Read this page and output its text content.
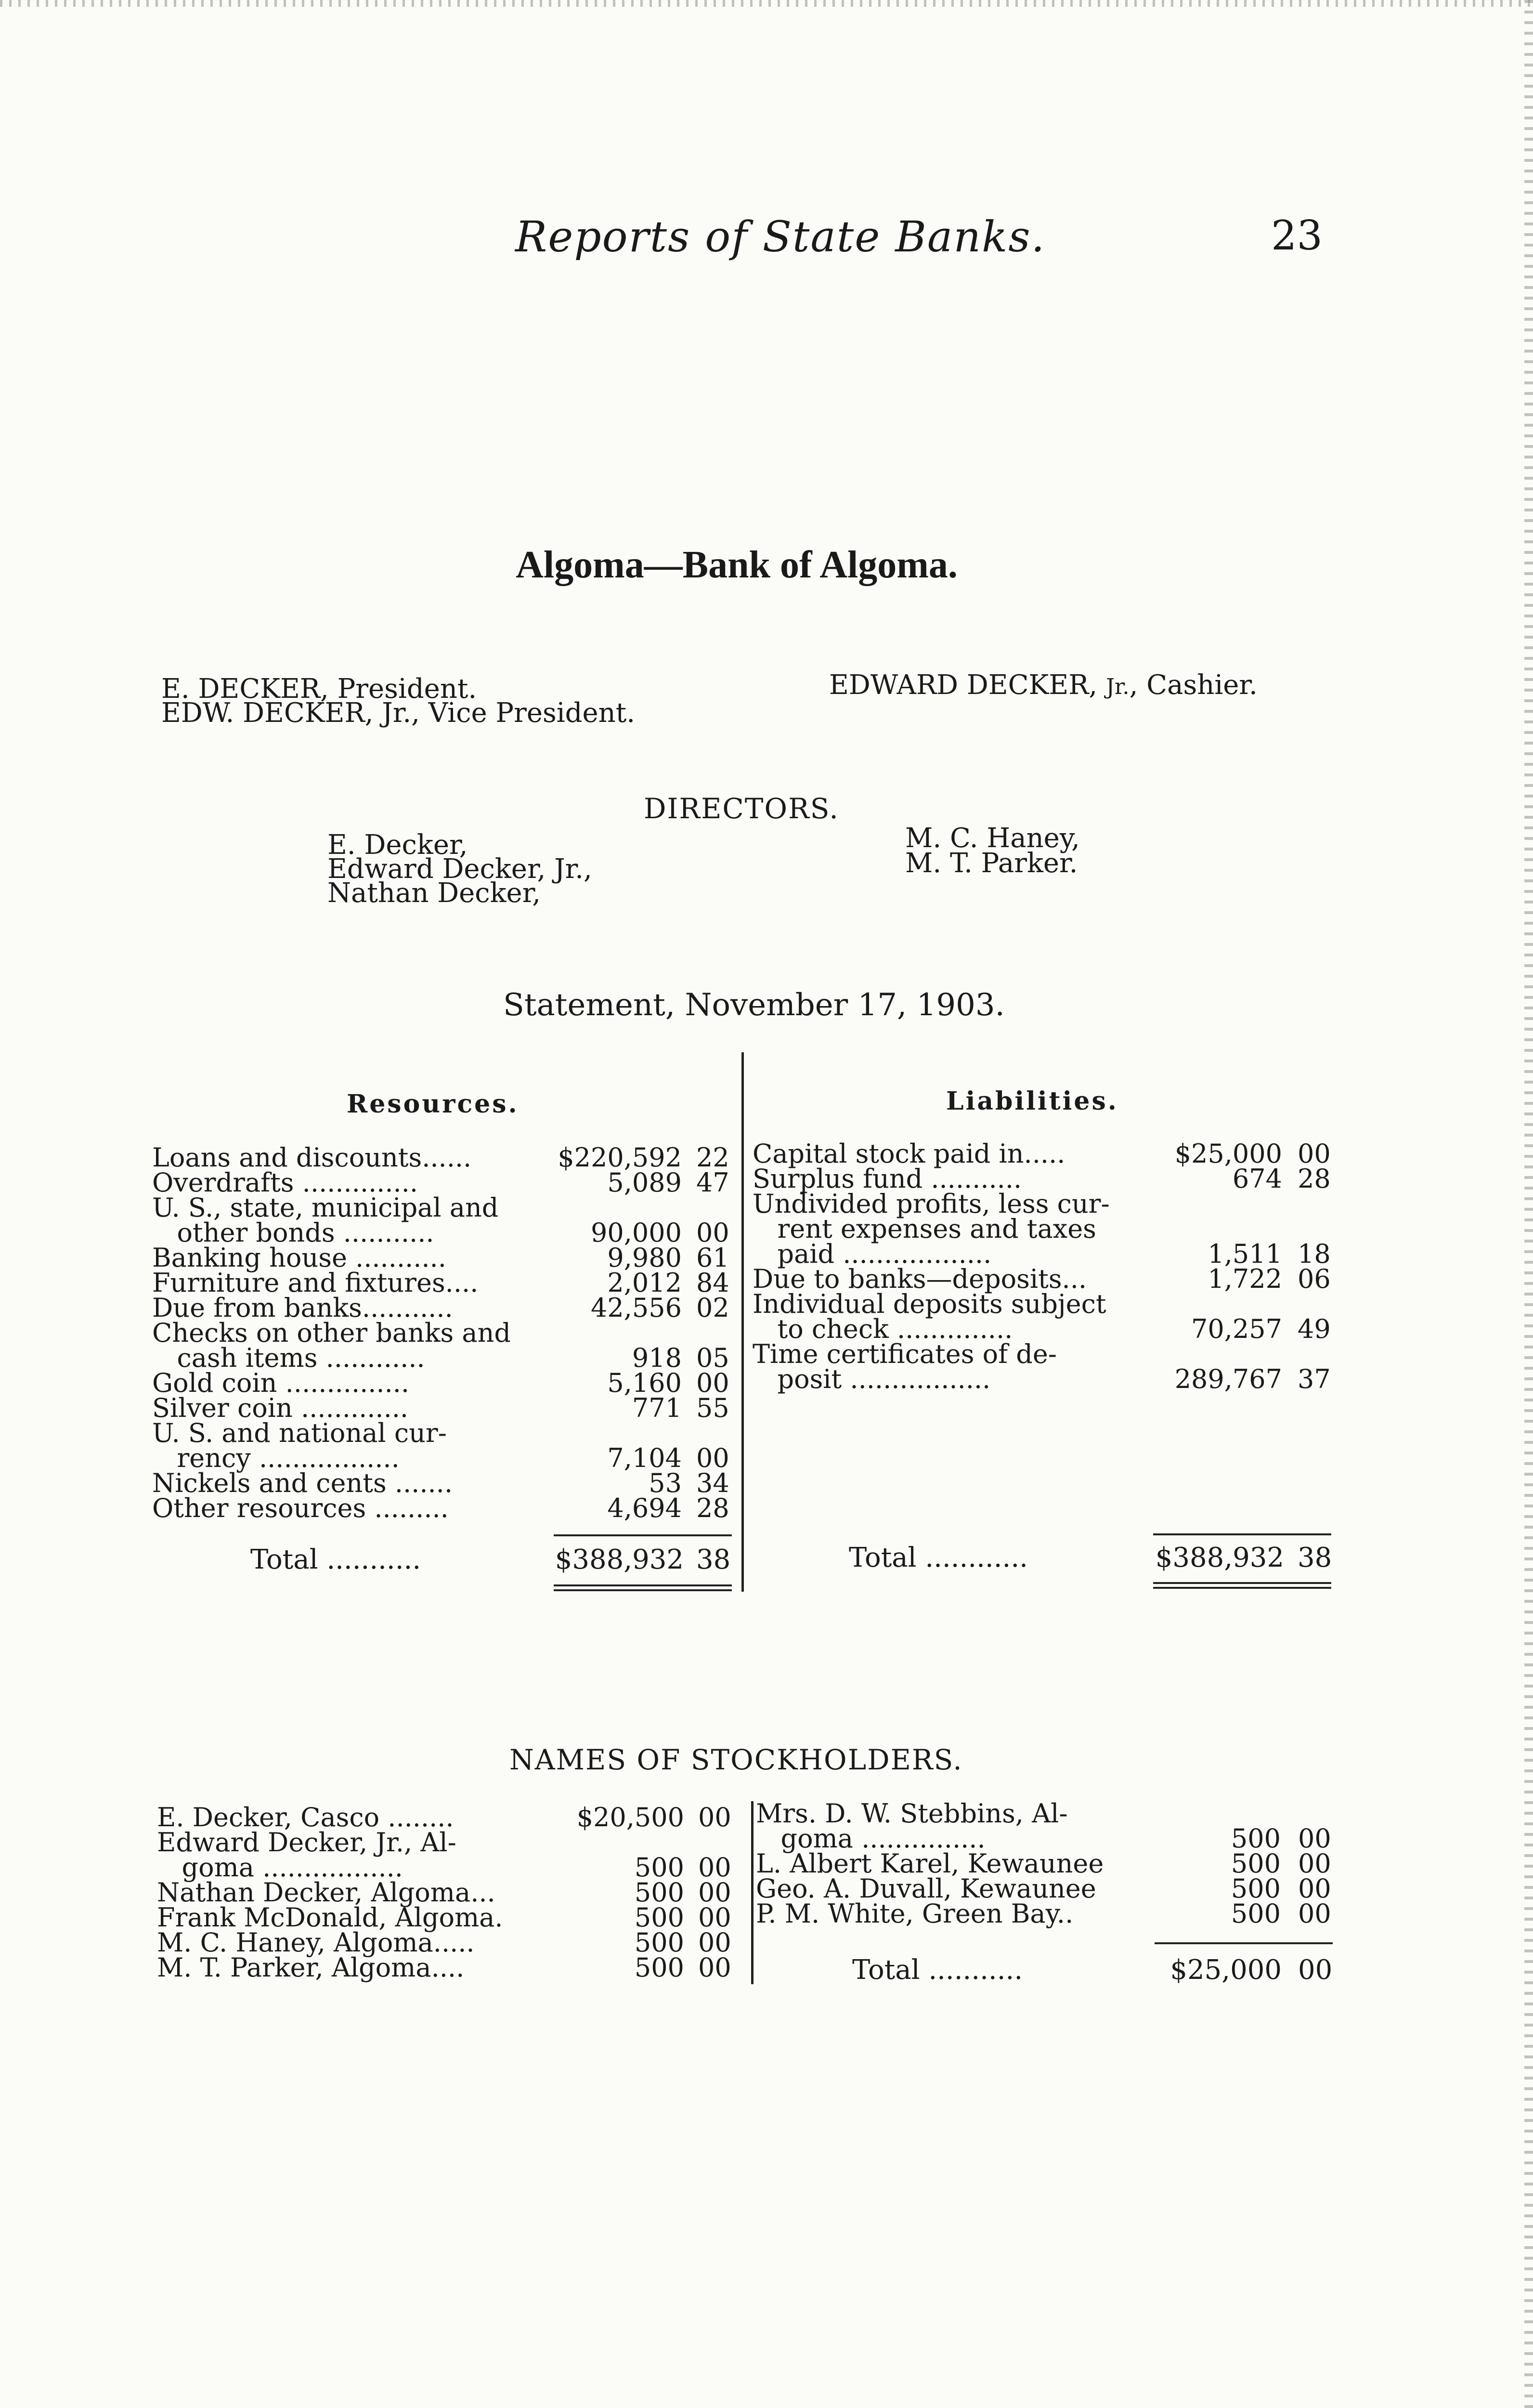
Reports of State Banks.	23
Algoma—Bank of Algoma.
E. DECKER, President.
EDW. DECKER, Jr., Vice President.
EDWARD DECKER, Jr., Cashier.
DIRECTORS.
E. Decker,
Edward Decker, Jr.,
Nathan Decker,
M. C. Haney,
M. T. Parker.
Statement, November 17, 1903.
Resources.
Loans and discounts......	$220,592 22
Overdrafts ..............	5,089 47
U. S., state, municipal and
other bonds ...........	90,000 00
Banking house ...........	9,980 61
Furniture and fixtures....	2,012 84
Due from banks...........	42,556 02
Checks on other banks and
cash items ............	918 05
Gold coin ...............	5,160 00
Silver coin .............	771 55
U. S. and national cur-
rency .................	7,104 00
Nickels and cents .......	53 34
Other resources .........	4,694 28
Total ...........	$388,932 38
Liabilities.
Capital stock paid in.....	$25,000 00
Surplus fund ...........	674 28
Undivided profits, less cur-
rent expenses and taxes
paid ..................	1,511 18
Due to banks—deposits...	1,722 06
Individual deposits subject
to check ..............	70,257 49
Time certificates of de-
posit .................	289,767 37
Total ............	$388,932 38
NAMES OF STOCKHOLDERS.
E. Decker, Casco ........	$20,500 00
Edward Decker, Jr., Al-
goma .................	500 00
Nathan Decker, Algoma...	500 00
Frank McDonald, Algoma.	500 00
M. C. Haney, Algoma.....	500 00
M. T. Parker, Algoma....	500 00
Mrs. D. W. Stebbins, Al-
goma ...............	500 00
L. Albert Karel, Kewaunee	500 00
Geo. A. Duvall, Kewaunee	500 00
P. M. White, Green Bay..	500 00
Total ...........	$25,000 00
